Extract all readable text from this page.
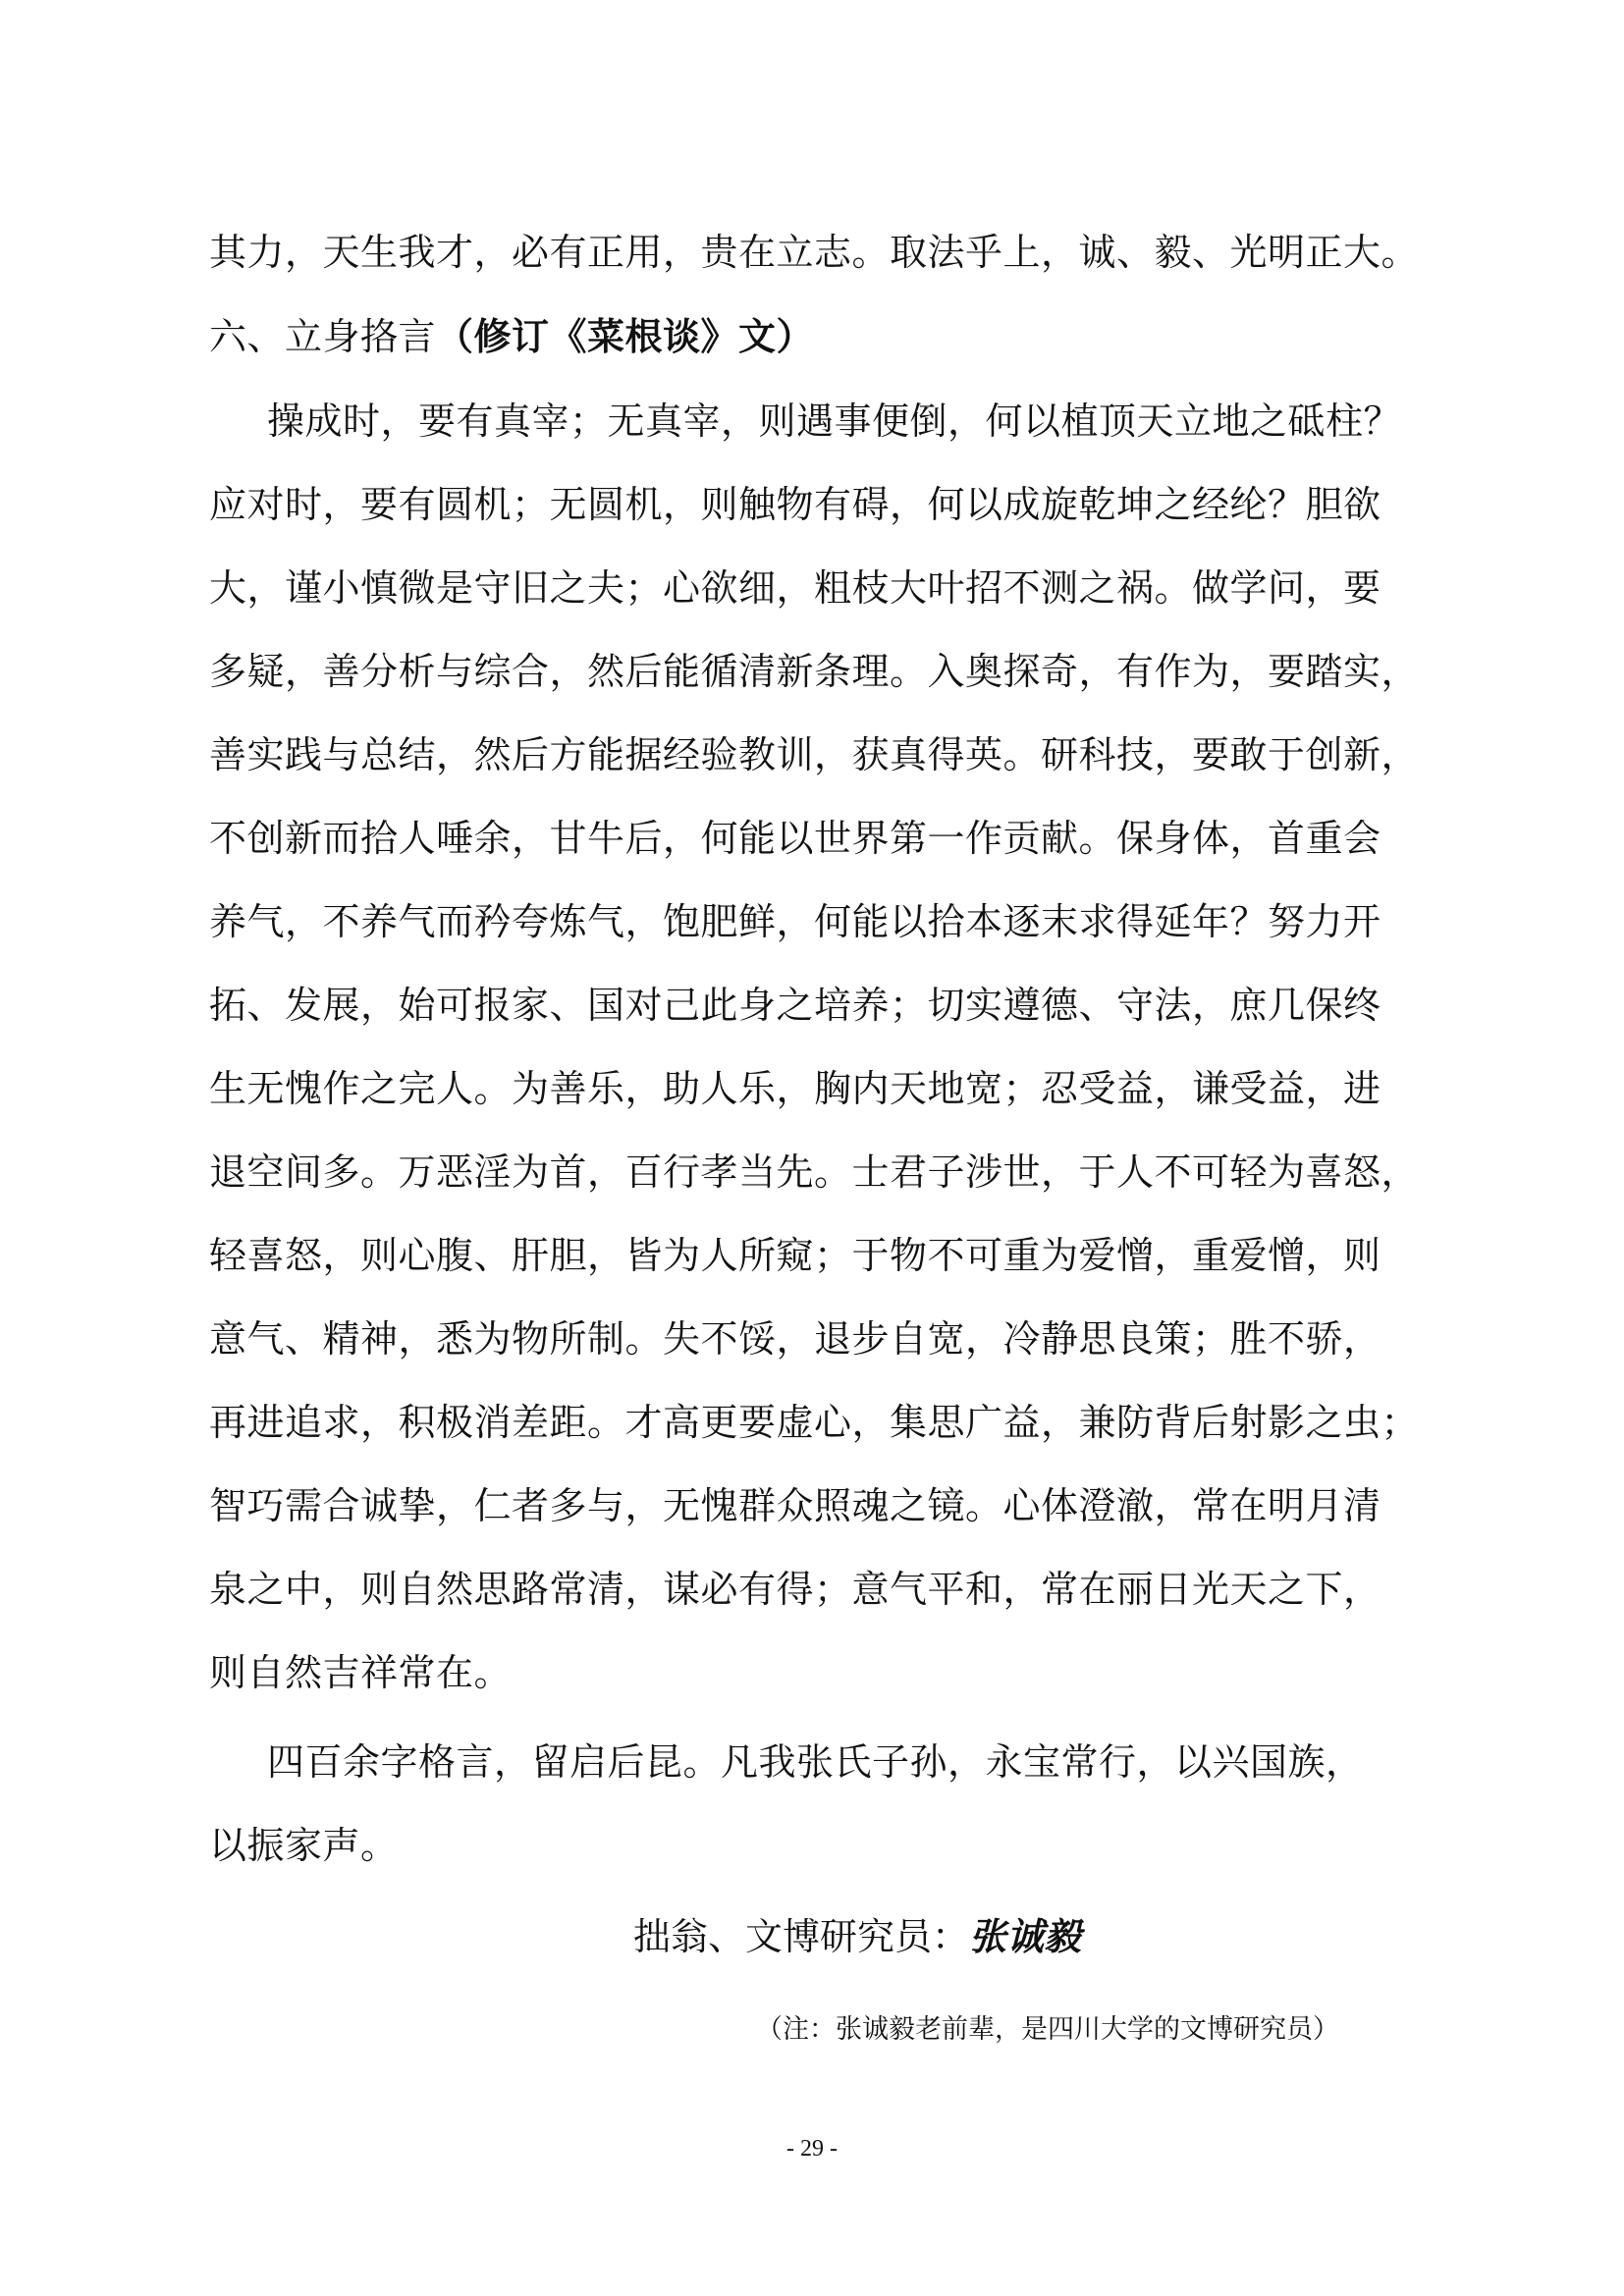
其力，天生我才，必有正用，贵在立志。取法乎上，诚、毅、光明正大。
六、立身挌言（修订《菜根谈》文）
操成时，要有真宰；无真宰，则遇事便倒，何以植顶天立地之砥柱？
应对时，要有圆机；无圆机，则触物有碍，何以成旋乾坤之经纶？胆欲
大，谨小慎微是守旧之夫；心欲细，粗枝大叶招不测之祸。做学问，要
多疑，善分析与综合，然后能循清新条理。入奥探奇，有作为，要踏实，
善实践与总结，然后方能据经验教训，获真得英。研科技，要敢于创新，
不创新而拾人唾余，甘牛后，何能以世界第一作贡献。保身体，首重会
养气，不养气而矜夸炼气，饱肥鲜，何能以拾本逐末求得延年？努力开
拓、发展，始可报家、国对己此身之培养；切实遵德、守法，庶几保终
生无愧作之完人。为善乐，助人乐，胸内天地宽；忍受益，谦受益，进
退空间多。万恶淫为首，百行孝当先。士君子涉世，于人不可轻为喜怒，
轻喜怒，则心腹、肝胆，皆为人所窥；于物不可重为爱憎，重爱憎，则
意气、精神，悉为物所制。失不馁，退步自宽，冷静思良策；胜不骄，
再进追求，积极消差距。才高更要虚心，集思广益，兼防背后射影之虫；
智巧需合诚挚，仁者多与，无愧群众照魂之镜。心体澄澈，常在明月清
泉之中，则自然思路常清，谋必有得；意气平和，常在丽日光天之下，
则自然吉祥常在。
四百余字格言，留启后昆。凡我张氏子孙，永宝常行，以兴国族，
以振家声。
拙翁、文博研究员：张诚毅
（注：张诚毅老前辈，是四川大学的文博研究员）
- 29 -
